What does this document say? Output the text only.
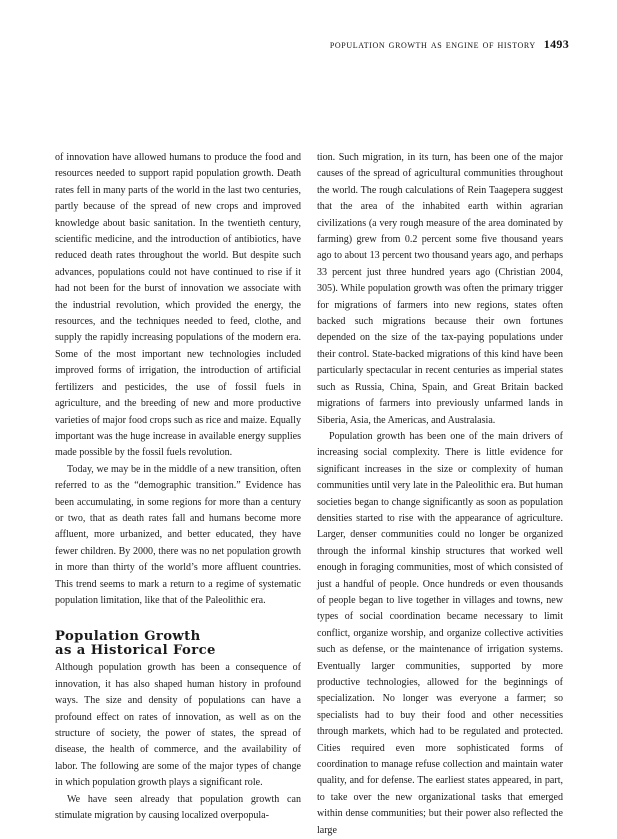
population growth as engine of history 1493

of innovation have allowed humans to produce the food and resources needed to support rapid population growth. Death rates fell in many parts of the world in the last two centuries, partly because of the spread of new crops and improved knowledge about basic sanitation. In the twentieth century, scientific medicine, and the introduction of antibiotics, have reduced death rates throughout the world. But despite such advances, populations could not have continued to rise if it had not been for the burst of innovation we associate with the industrial revolution, which provided the energy, the resources, and the techniques needed to feed, clothe, and supply the rapidly increasing populations of the modern era. Some of the most important new technologies included improved forms of irrigation, the introduction of artificial fertilizers and pesticides, the use of fossil fuels in agriculture, and the breeding of new and more productive varieties of major food crops such as rice and maize. Equally important was the huge increase in available energy supplies made possible by the fossil fuels revolution.

Today, we may be in the middle of a new transition, often referred to as the “demographic transition.” Evidence has been accumulating, in some regions for more than a century or two, that as death rates fall and humans become more affluent, more urbanized, and better educated, they have fewer children. By 2000, there was no net population growth in more than thirty of the world’s more affluent countries. This trend seems to mark a return to a regime of systematic population limitation, like that of the Paleolithic era.

Population Growth
as a Historical Force

Although population growth has been a consequence of innovation, it has also shaped human history in profound ways. The size and density of populations can have a profound effect on rates of innovation, as well as on the structure of society, the power of states, the spread of disease, the health of commerce, and the availability of labor. The following are some of the major types of change in which population growth plays a significant role.

We have seen already that population growth can stimulate migration by causing localized overpopula-

tion. Such migration, in its turn, has been one of the major causes of the spread of agricultural communities throughout the world. The rough calculations of Rein Taagepera suggest that the area of the inhabited earth within agrarian civilizations (a very rough measure of the area dominated by farming) grew from 0.2 percent some five thousand years ago to about 13 percent two thousand years ago, and perhaps 33 percent just three hundred years ago (Christian 2004, 305). While population growth was often the primary trigger for migrations of farmers into new regions, states often backed such migrations because their own fortunes depended on the size of the tax-paying populations under their control. State-backed migrations of this kind have been particularly spectacular in recent centuries as imperial states such as Russia, China, Spain, and Great Britain backed migrations of farmers into previously unfarmed lands in Siberia, Asia, the Americas, and Australasia.

Population growth has been one of the main drivers of increasing social complexity. There is little evidence for significant increases in the size or complexity of human communities until very late in the Paleolithic era. But human societies began to change significantly as soon as population densities started to rise with the appearance of agriculture. Larger, denser communities could no longer be organized through the informal kinship structures that worked well enough in foraging communities, most of which consisted of just a handful of people. Once hundreds or even thousands of people began to live together in villages and towns, new types of social coordination became necessary to limit conflict, organize worship, and organize collective activities such as defense, or the maintenance of irrigation systems. Eventually larger communities, supported by more productive technologies, allowed for the beginnings of specialization. No longer was everyone a farmer; so specialists had to buy their food and other necessities through markets, which had to be regulated and protected. Cities required even more sophisticated forms of coordination to manage refuse collection and maintain water quality, and for defense. The earliest states appeared, in part, to take over the new organizational tasks that emerged within dense communities; but their power also reflected the large
